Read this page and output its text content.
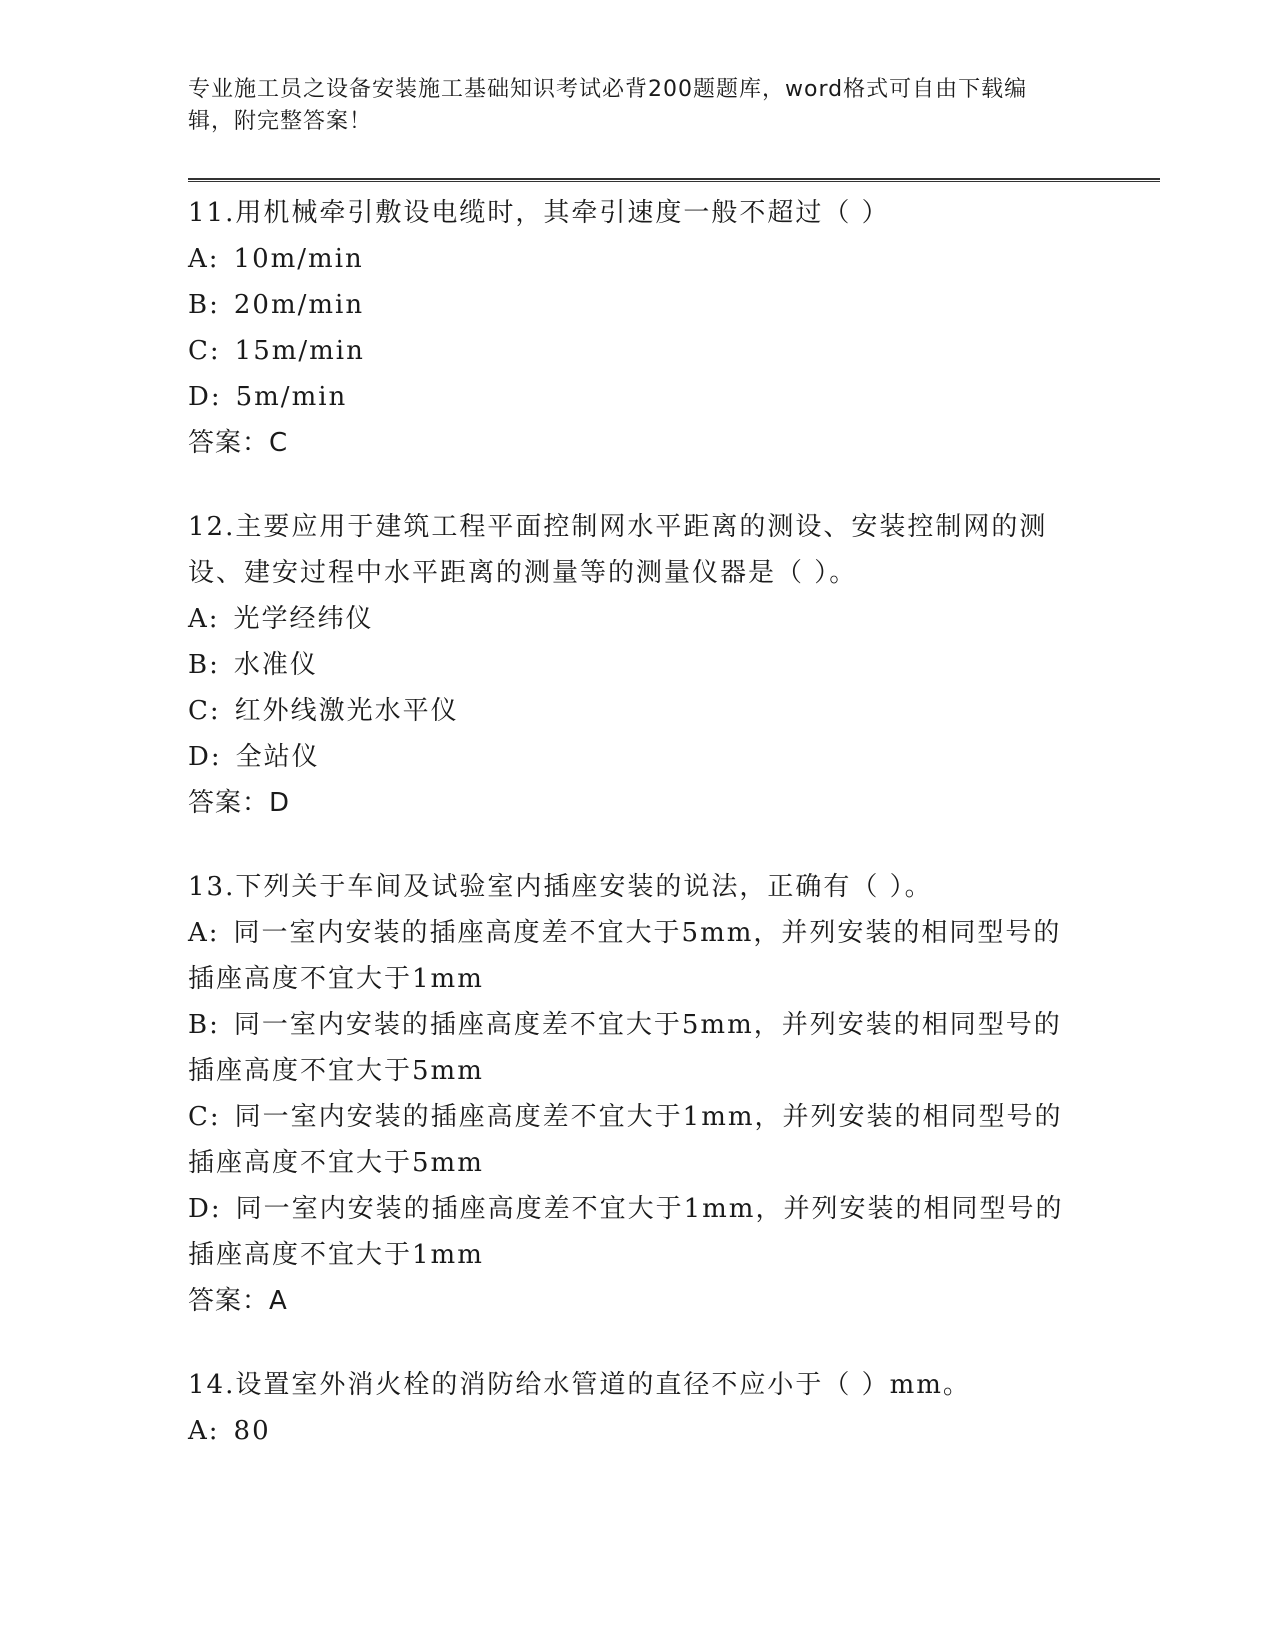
专业施工员之设备安装施工基础知识考试必背200题题库，word格式可自由下载编辑，附完整答案！
11.用机械牵引敷设电缆时，其牵引速度一般不超过（ ）
A: 10m/min
B: 20m/min
C: 15m/min
D: 5m/min
答案：C
12.主要应用于建筑工程平面控制网水平距离的测设、安装控制网的测设、建安过程中水平距离的测量等的测量仪器是（ ）。
A: 光学经纬仪
B: 水准仪
C: 红外线激光水平仪
D: 全站仪
答案：D
13.下列关于车间及试验室内插座安装的说法，正确有（ ）。
A: 同一室内安装的插座高度差不宜大于5mm，并列安装的相同型号的插座高度不宜大于1mm
B: 同一室内安装的插座高度差不宜大于5mm，并列安装的相同型号的插座高度不宜大于5mm
C: 同一室内安装的插座高度差不宜大于1mm，并列安装的相同型号的插座高度不宜大于5mm
D: 同一室内安装的插座高度差不宜大于1mm，并列安装的相同型号的插座高度不宜大于1mm
答案：A
14.设置室外消火栓的消防给水管道的直径不应小于（ ）mm。
A: 80
